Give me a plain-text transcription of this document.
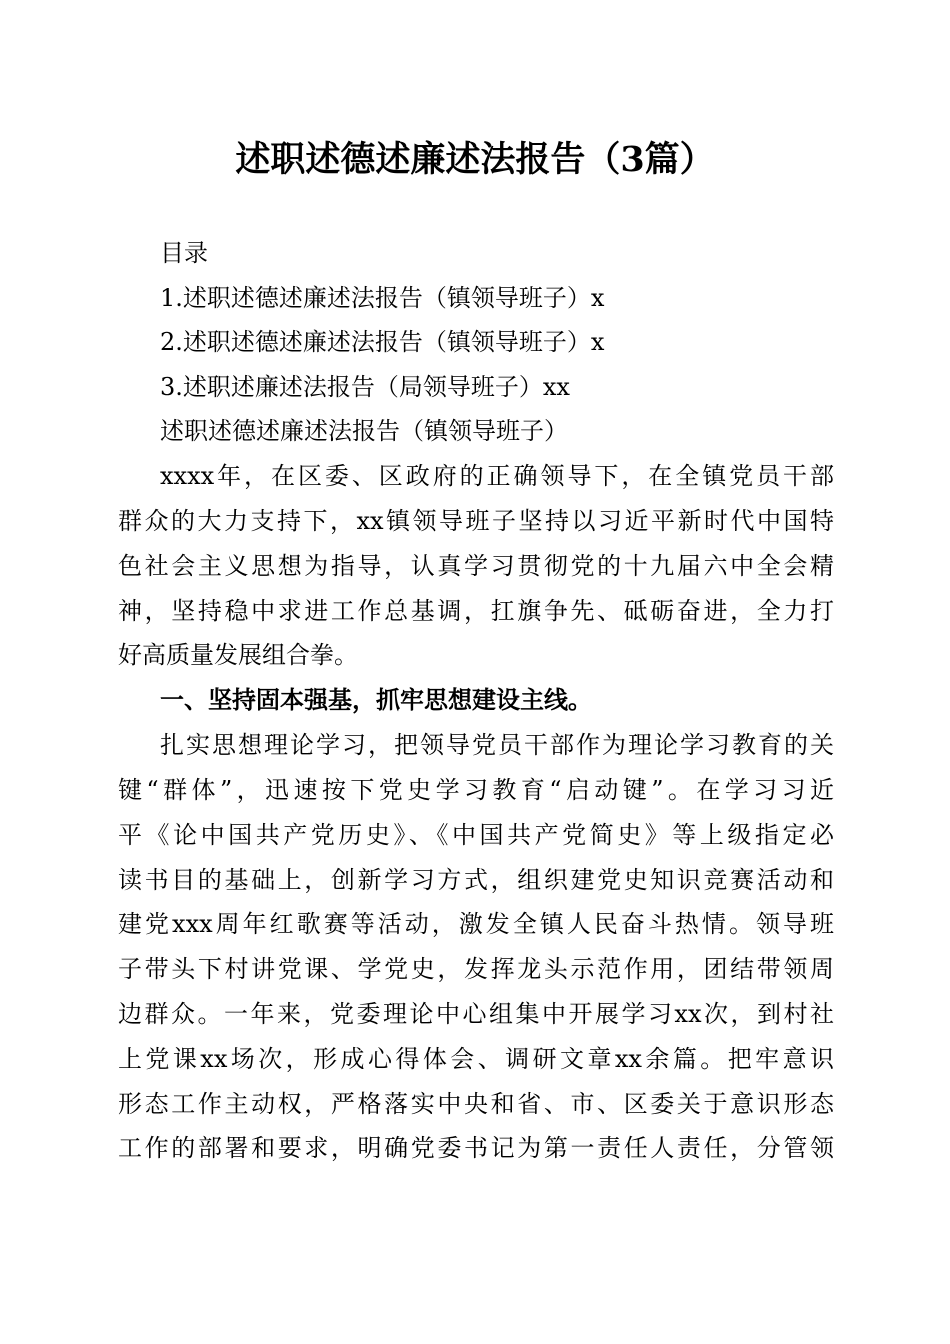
述职述德述廉述法报告（3篇）

目录

1.述职述德述廉述法报告（镇领导班子）x

2.述职述德述廉述法报告（镇领导班子）x

3.述职述廉述法报告（局领导班子）xx

述职述德述廉述法报告（镇领导班子）

xxxx年，在区委、区政府的正确领导下，在全镇党员干部

群众的大力支持下，xx镇领导班子坚持以习近平新时代中国特

色社会主义思想为指导，认真学习贯彻党的十九届六中全会精

神，坚持稳中求进工作总基调，扛旗争先、砥砺奋进，全力打

好高质量发展组合拳。

一、坚持固本强基，抓牢思想建设主线。

扎实思想理论学习，把领导党员干部作为理论学习教育的关

键“群体”，迅速按下党史学习教育“启动键”。在学习习近

平《论中国共产党历史》、《中国共产党简史》等上级指定必

读书目的基础上，创新学习方式，组织建党史知识竞赛活动和

建党xxx周年红歌赛等活动，激发全镇人民奋斗热情。领导班

子带头下村讲党课、学党史，发挥龙头示范作用，团结带领周

边群众。一年来，党委理论中心组集中开展学习xx次，到村社

上党课xx场次，形成心得体会、调研文章xx余篇。把牢意识

形态工作主动权，严格落实中央和省、市、区委关于意识形态

工作的部署和要求，明确党委书记为第一责任人责任，分管领
